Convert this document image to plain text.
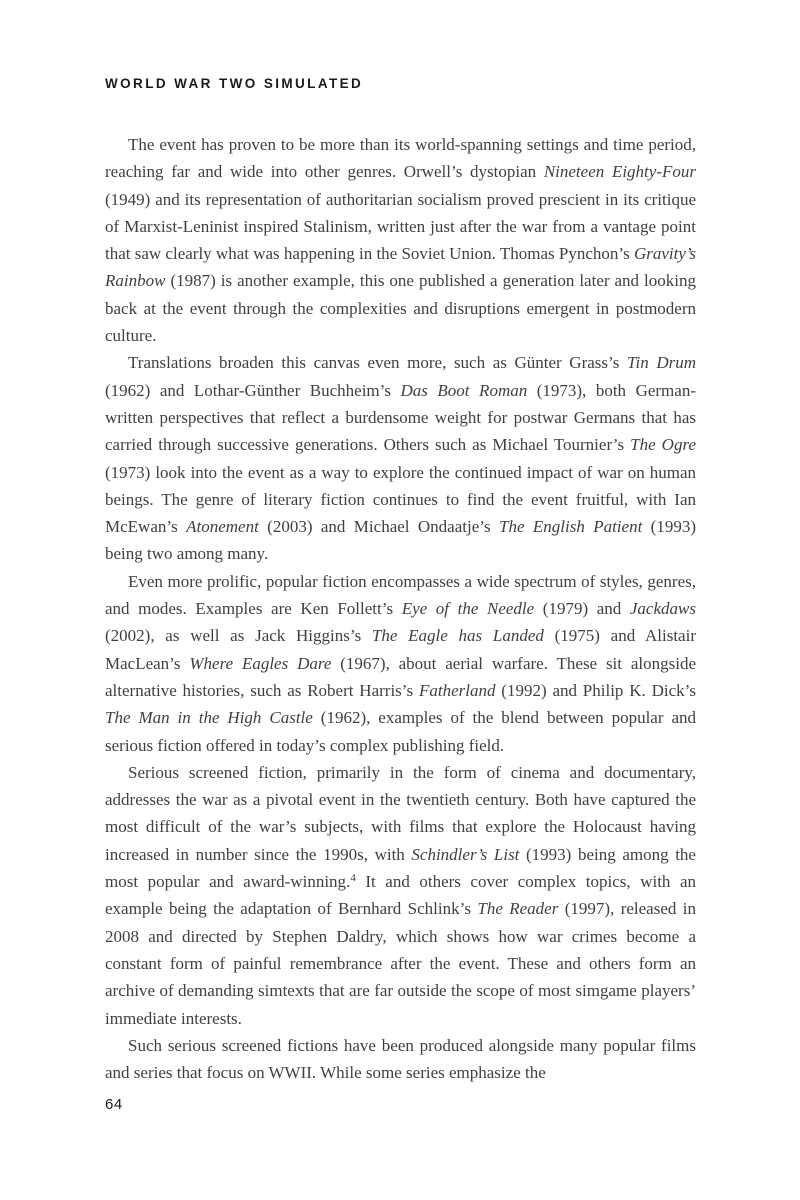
WORLD WAR TWO SIMULATED

The event has proven to be more than its world-spanning settings and time period, reaching far and wide into other genres. Orwell’s dystopian Nineteen Eighty-Four (1949) and its representation of authoritarian socialism proved prescient in its critique of Marxist-Leninist inspired Stalinism, written just after the war from a vantage point that saw clearly what was happening in the Soviet Union. Thomas Pynchon’s Gravity’s Rainbow (1987) is another example, this one published a generation later and looking back at the event through the complexities and disruptions emergent in postmodern culture.

Translations broaden this canvas even more, such as Günter Grass’s Tin Drum (1962) and Lothar-Günther Buchheim’s Das Boot Roman (1973), both German-written perspectives that reflect a burdensome weight for postwar Germans that has carried through successive generations. Others such as Michael Tournier’s The Ogre (1973) look into the event as a way to explore the continued impact of war on human beings. The genre of literary fiction continues to find the event fruitful, with Ian McEwan’s Atonement (2003) and Michael Ondaatje’s The English Patient (1993) being two among many.

Even more prolific, popular fiction encompasses a wide spectrum of styles, genres, and modes. Examples are Ken Follett’s Eye of the Needle (1979) and Jackdaws (2002), as well as Jack Higgins’s The Eagle has Landed (1975) and Alistair MacLean’s Where Eagles Dare (1967), about aerial warfare. These sit alongside alternative histories, such as Robert Harris’s Fatherland (1992) and Philip K. Dick’s The Man in the High Castle (1962), examples of the blend between popular and serious fiction offered in today’s complex publishing field.

Serious screened fiction, primarily in the form of cinema and documentary, addresses the war as a pivotal event in the twentieth century. Both have captured the most difficult of the war’s subjects, with films that explore the Holocaust having increased in number since the 1990s, with Schindler’s List (1993) being among the most popular and award-winning.$^4$ It and others cover complex topics, with an example being the adaptation of Bernhard Schlink’s The Reader (1997), released in 2008 and directed by Stephen Daldry, which shows how war crimes become a constant form of painful remembrance after the event. These and others form an archive of demanding simtexts that are far outside the scope of most simgame players’ immediate interests.

Such serious screened fictions have been produced alongside many popular films and series that focus on WWII. While some series emphasize the

64
